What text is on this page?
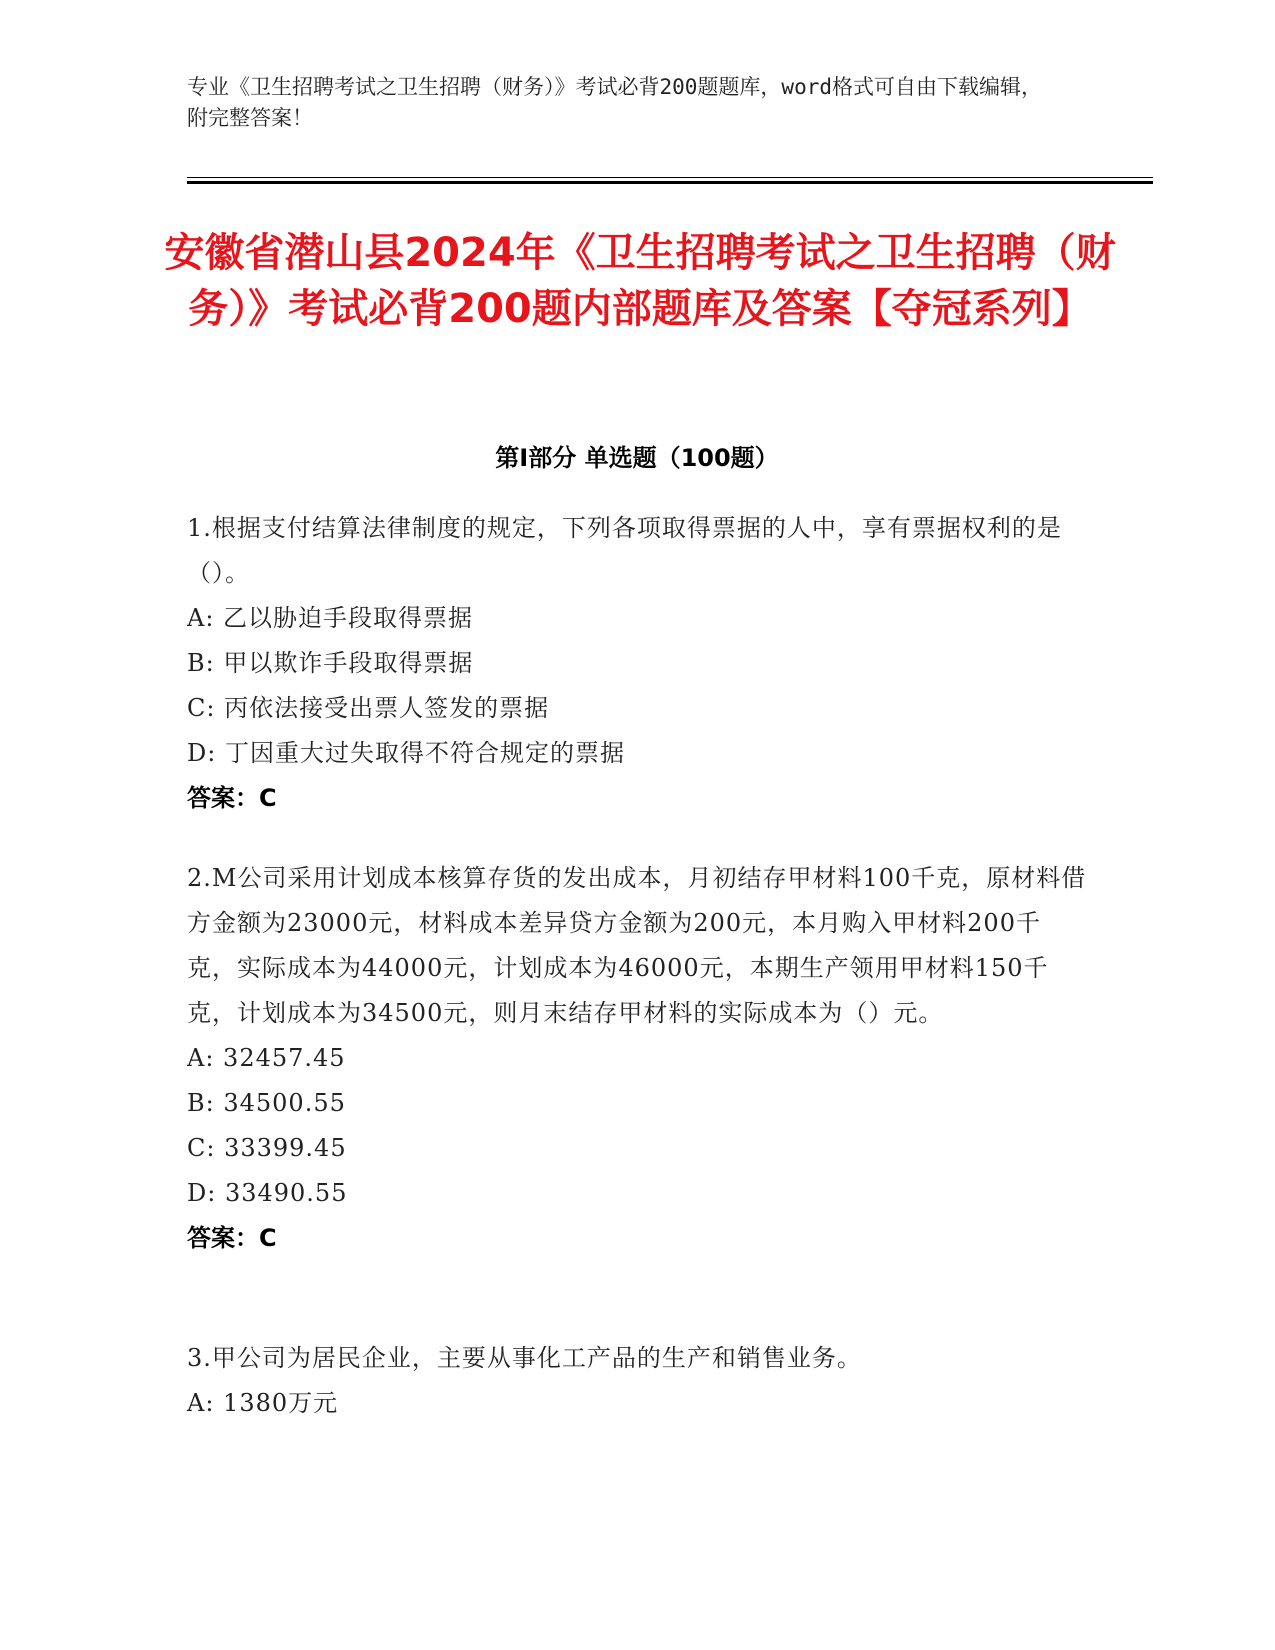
专业《卫生招聘考试之卫生招聘（财务）》考试必背200题题库，word格式可自由下载编辑，附完整答案！
安徽省潜山县2024年《卫生招聘考试之卫生招聘（财务）》考试必背200题内部题库及答案【夺冠系列】
第I部分 单选题（100题）
1.根据支付结算法律制度的规定，下列各项取得票据的人中，享有票据权利的是（）。
A: 乙以胁迫手段取得票据
B: 甲以欺诈手段取得票据
C: 丙依法接受出票人签发的票据
D: 丁因重大过失取得不符合规定的票据
答案：C
2.M公司采用计划成本核算存货的发出成本，月初结存甲材料100千克，原材料借方金额为23000元，材料成本差异贷方金额为200元，本月购入甲材料200千克，实际成本为44000元，计划成本为46000元，本期生产领用甲材料150千克，计划成本为34500元，则月末结存甲材料的实际成本为（）元。
A: 32457.45
B: 34500.55
C: 33399.45
D: 33490.55
答案：C
3.甲公司为居民企业，主要从事化工产品的生产和销售业务。
A: 1380万元
